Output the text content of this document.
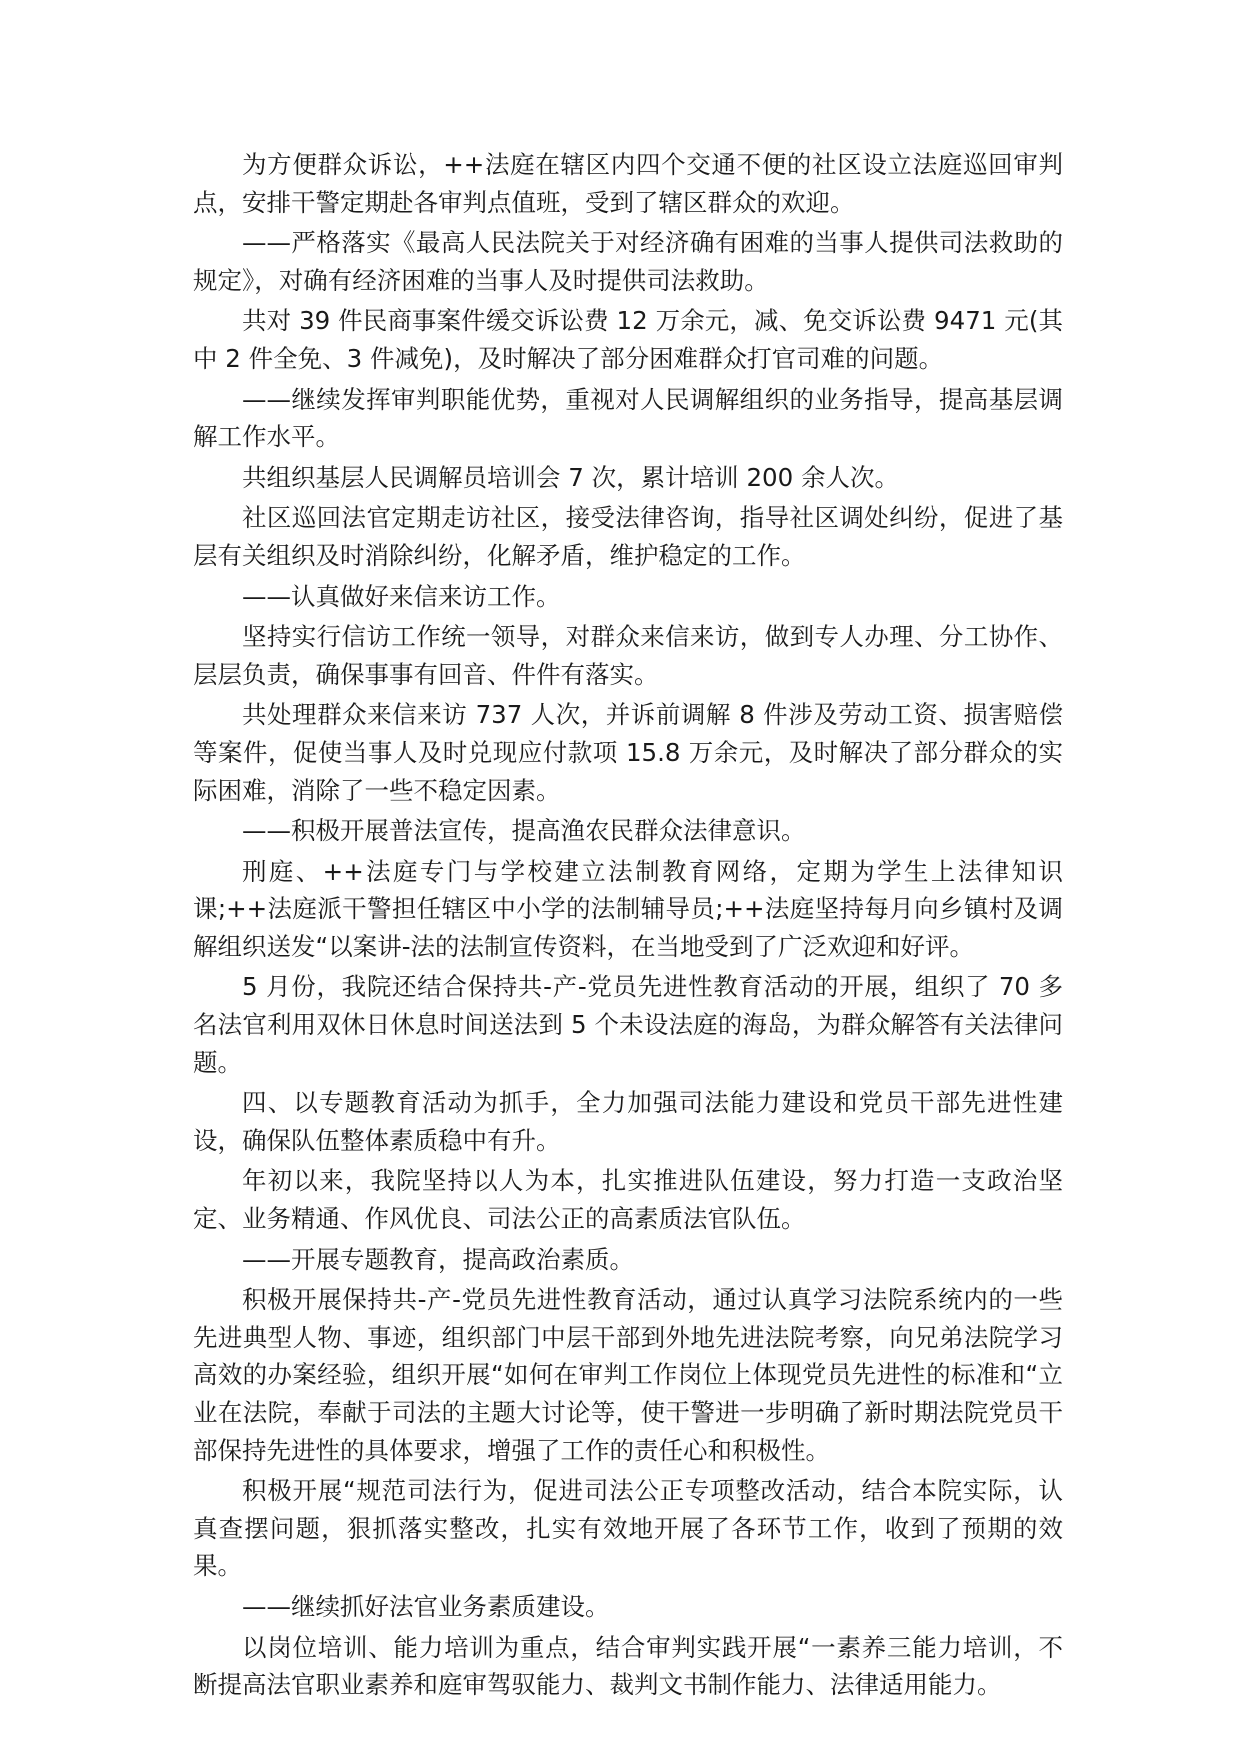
为方便群众诉讼，++法庭在辖区内四个交通不便的社区设立法庭巡回审判点，安排干警定期赴各审判点值班，受到了辖区群众的欢迎。

——严格落实《最高人民法院关于对经济确有困难的当事人提供司法救助的规定》，对确有经济困难的当事人及时提供司法救助。

共对 39 件民商事案件缓交诉讼费 12 万余元，减、免交诉讼费 9471 元(其中 2 件全免、3 件减免)，及时解决了部分困难群众打官司难的问题。

——继续发挥审判职能优势，重视对人民调解组织的业务指导，提高基层调解工作水平。

共组织基层人民调解员培训会 7 次，累计培训 200 余人次。

社区巡回法官定期走访社区，接受法律咨询，指导社区调处纠纷，促进了基层有关组织及时消除纠纷，化解矛盾，维护稳定的工作。

——认真做好来信来访工作。

坚持实行信访工作统一领导，对群众来信来访，做到专人办理、分工协作、层层负责，确保事事有回音、件件有落实。

共处理群众来信来访 737 人次，并诉前调解 8 件涉及劳动工资、损害赔偿等案件，促使当事人及时兑现应付款项 15.8 万余元，及时解决了部分群众的实际困难，消除了一些不稳定因素。

——积极开展普法宣传，提高渔农民群众法律意识。

刑庭、++法庭专门与学校建立法制教育网络，定期为学生上法律知识课;++法庭派干警担任辖区中小学的法制辅导员;++法庭坚持每月向乡镇村及调解组织送发“以案讲-法的法制宣传资料，在当地受到了广泛欢迎和好评。

5 月份，我院还结合保持共-产-党员先进性教育活动的开展，组织了 70 多名法官利用双休日休息时间送法到 5 个未设法庭的海岛，为群众解答有关法律问题。

四、以专题教育活动为抓手，全力加强司法能力建设和党员干部先进性建设，确保队伍整体素质稳中有升。

年初以来，我院坚持以人为本，扎实推进队伍建设，努力打造一支政治坚定、业务精通、作风优良、司法公正的高素质法官队伍。

——开展专题教育，提高政治素质。

积极开展保持共-产-党员先进性教育活动，通过认真学习法院系统内的一些先进典型人物、事迹，组织部门中层干部到外地先进法院考察，向兄弟法院学习高效的办案经验，组织开展“如何在审判工作岗位上体现党员先进性的标准和“立业在法院，奉献于司法的主题大讨论等，使干警进一步明确了新时期法院党员干部保持先进性的具体要求，增强了工作的责任心和积极性。

积极开展“规范司法行为，促进司法公正专项整改活动，结合本院实际，认真查摆问题，狠抓落实整改，扎实有效地开展了各环节工作，收到了预期的效果。

——继续抓好法官业务素质建设。

以岗位培训、能力培训为重点，结合审判实践开展“一素养三能力培训，不断提高法官职业素养和庭审驾驭能力、裁判文书制作能力、法律适用能力。
